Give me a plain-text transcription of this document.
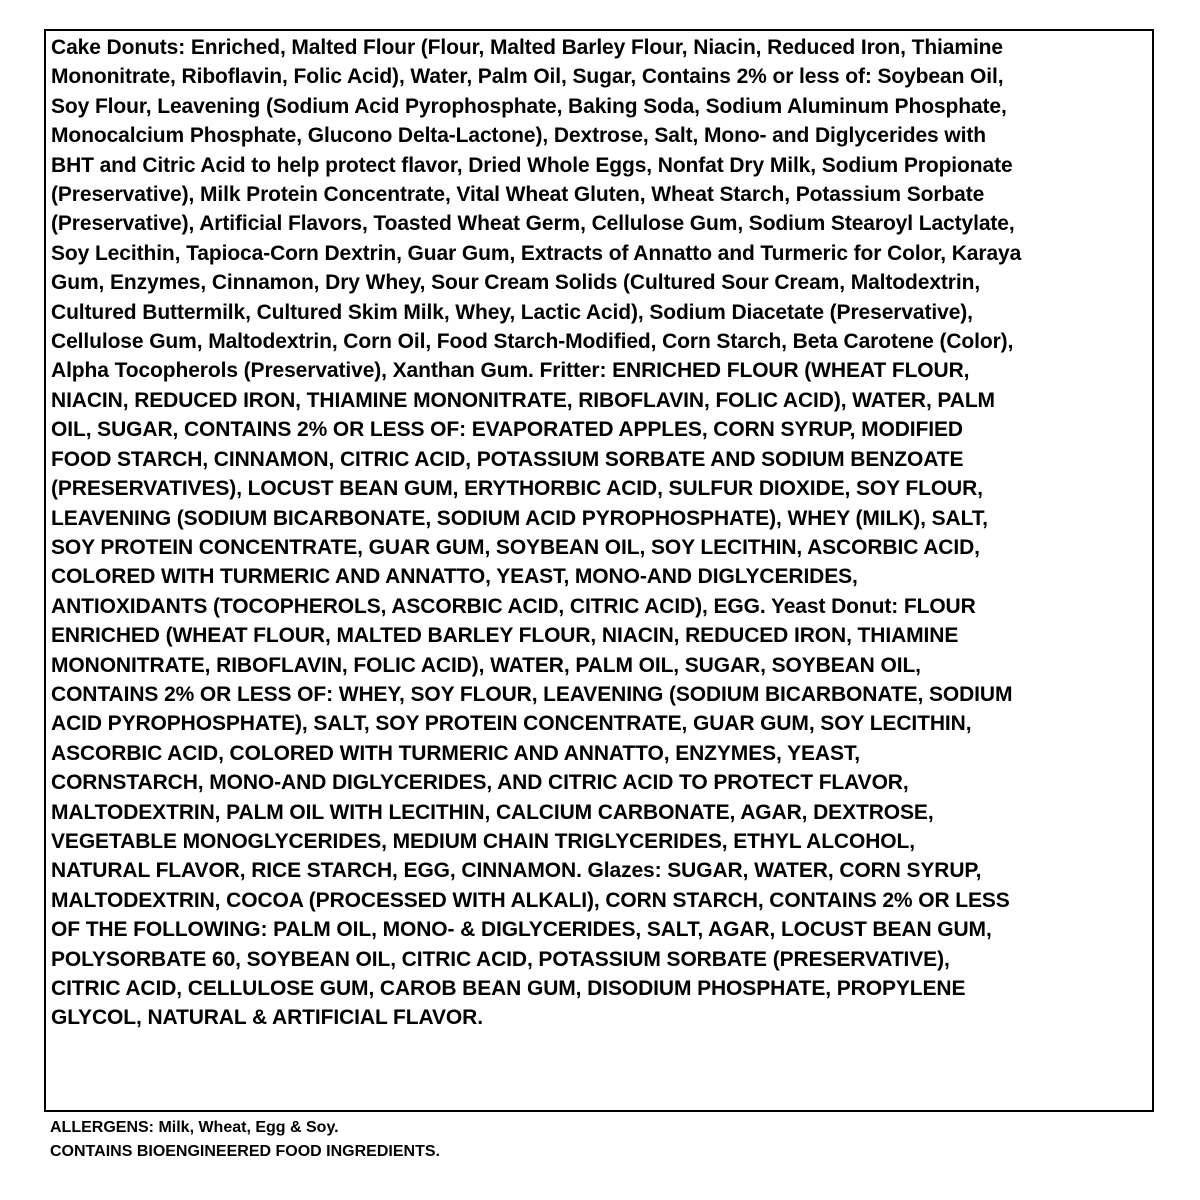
Cake Donuts: Enriched, Malted Flour (Flour, Malted Barley Flour, Niacin, Reduced Iron, Thiamine
Mononitrate, Riboflavin, Folic Acid), Water, Palm Oil, Sugar, Contains 2% or less of: Soybean Oil,
Soy Flour, Leavening (Sodium Acid Pyrophosphate, Baking Soda, Sodium Aluminum Phosphate,
Monocalcium Phosphate, Glucono Delta-Lactone), Dextrose, Salt, Mono- and Diglycerides with
BHT and Citric Acid to help protect flavor, Dried Whole Eggs, Nonfat Dry Milk, Sodium Propionate
(Preservative), Milk Protein Concentrate, Vital Wheat Gluten, Wheat Starch, Potassium Sorbate
(Preservative), Artificial Flavors, Toasted Wheat Germ, Cellulose Gum, Sodium Stearoyl Lactylate,
Soy Lecithin, Tapioca-Corn Dextrin, Guar Gum, Extracts of Annatto and Turmeric for Color, Karaya
Gum, Enzymes, Cinnamon, Dry Whey, Sour Cream Solids (Cultured Sour Cream, Maltodextrin,
Cultured Buttermilk, Cultured Skim Milk, Whey, Lactic Acid), Sodium Diacetate (Preservative),
Cellulose Gum, Maltodextrin, Corn Oil, Food Starch-Modified, Corn Starch, Beta Carotene (Color),
Alpha Tocopherols (Preservative), Xanthan Gum. Fritter: ENRICHED FLOUR (WHEAT FLOUR,
NIACIN, REDUCED IRON, THIAMINE MONONITRATE, RIBOFLAVIN, FOLIC ACID), WATER, PALM
OIL, SUGAR, CONTAINS 2% OR LESS OF: EVAPORATED APPLES, CORN SYRUP, MODIFIED
FOOD STARCH, CINNAMON, CITRIC ACID, POTASSIUM SORBATE AND SODIUM BENZOATE
(PRESERVATIVES), LOCUST BEAN GUM, ERYTHORBIC ACID, SULFUR DIOXIDE, SOY FLOUR,
LEAVENING (SODIUM BICARBONATE, SODIUM ACID PYROPHOSPHATE), WHEY (MILK), SALT,
SOY PROTEIN CONCENTRATE, GUAR GUM, SOYBEAN OIL, SOY LECITHIN, ASCORBIC ACID,
COLORED WITH TURMERIC AND ANNATTO, YEAST, MONO-AND DIGLYCERIDES,
ANTIOXIDANTS (TOCOPHEROLS, ASCORBIC ACID, CITRIC ACID), EGG. Yeast Donut: FLOUR
ENRICHED (WHEAT FLOUR, MALTED BARLEY FLOUR, NIACIN, REDUCED IRON, THIAMINE
MONONITRATE, RIBOFLAVIN, FOLIC ACID), WATER, PALM OIL, SUGAR, SOYBEAN OIL,
CONTAINS 2% OR LESS OF: WHEY, SOY FLOUR, LEAVENING (SODIUM BICARBONATE, SODIUM
ACID PYROPHOSPHATE), SALT, SOY PROTEIN CONCENTRATE, GUAR GUM, SOY LECITHIN,
ASCORBIC ACID, COLORED WITH TURMERIC AND ANNATTO, ENZYMES, YEAST,
CORNSTARCH, MONO-AND DIGLYCERIDES, AND CITRIC ACID TO PROTECT FLAVOR,
MALTODEXTRIN, PALM OIL WITH LECITHIN, CALCIUM CARBONATE, AGAR, DEXTROSE,
VEGETABLE MONOGLYCERIDES, MEDIUM CHAIN TRIGLYCERIDES, ETHYL ALCOHOL,
NATURAL FLAVOR, RICE STARCH, EGG, CINNAMON. Glazes: SUGAR, WATER, CORN SYRUP,
MALTODEXTRIN, COCOA (PROCESSED WITH ALKALI), CORN STARCH, CONTAINS 2% OR LESS
OF THE FOLLOWING: PALM OIL, MONO- & DIGLYCERIDES, SALT, AGAR, LOCUST BEAN GUM,
POLYSORBATE 60, SOYBEAN OIL, CITRIC ACID, POTASSIUM SORBATE (PRESERVATIVE),
CITRIC ACID, CELLULOSE GUM, CAROB BEAN GUM, DISODIUM PHOSPHATE, PROPYLENE
GLYCOL, NATURAL & ARTIFICIAL FLAVOR.
ALLERGENS: Milk, Wheat, Egg & Soy.
CONTAINS BIOENGINEERED FOOD INGREDIENTS.
